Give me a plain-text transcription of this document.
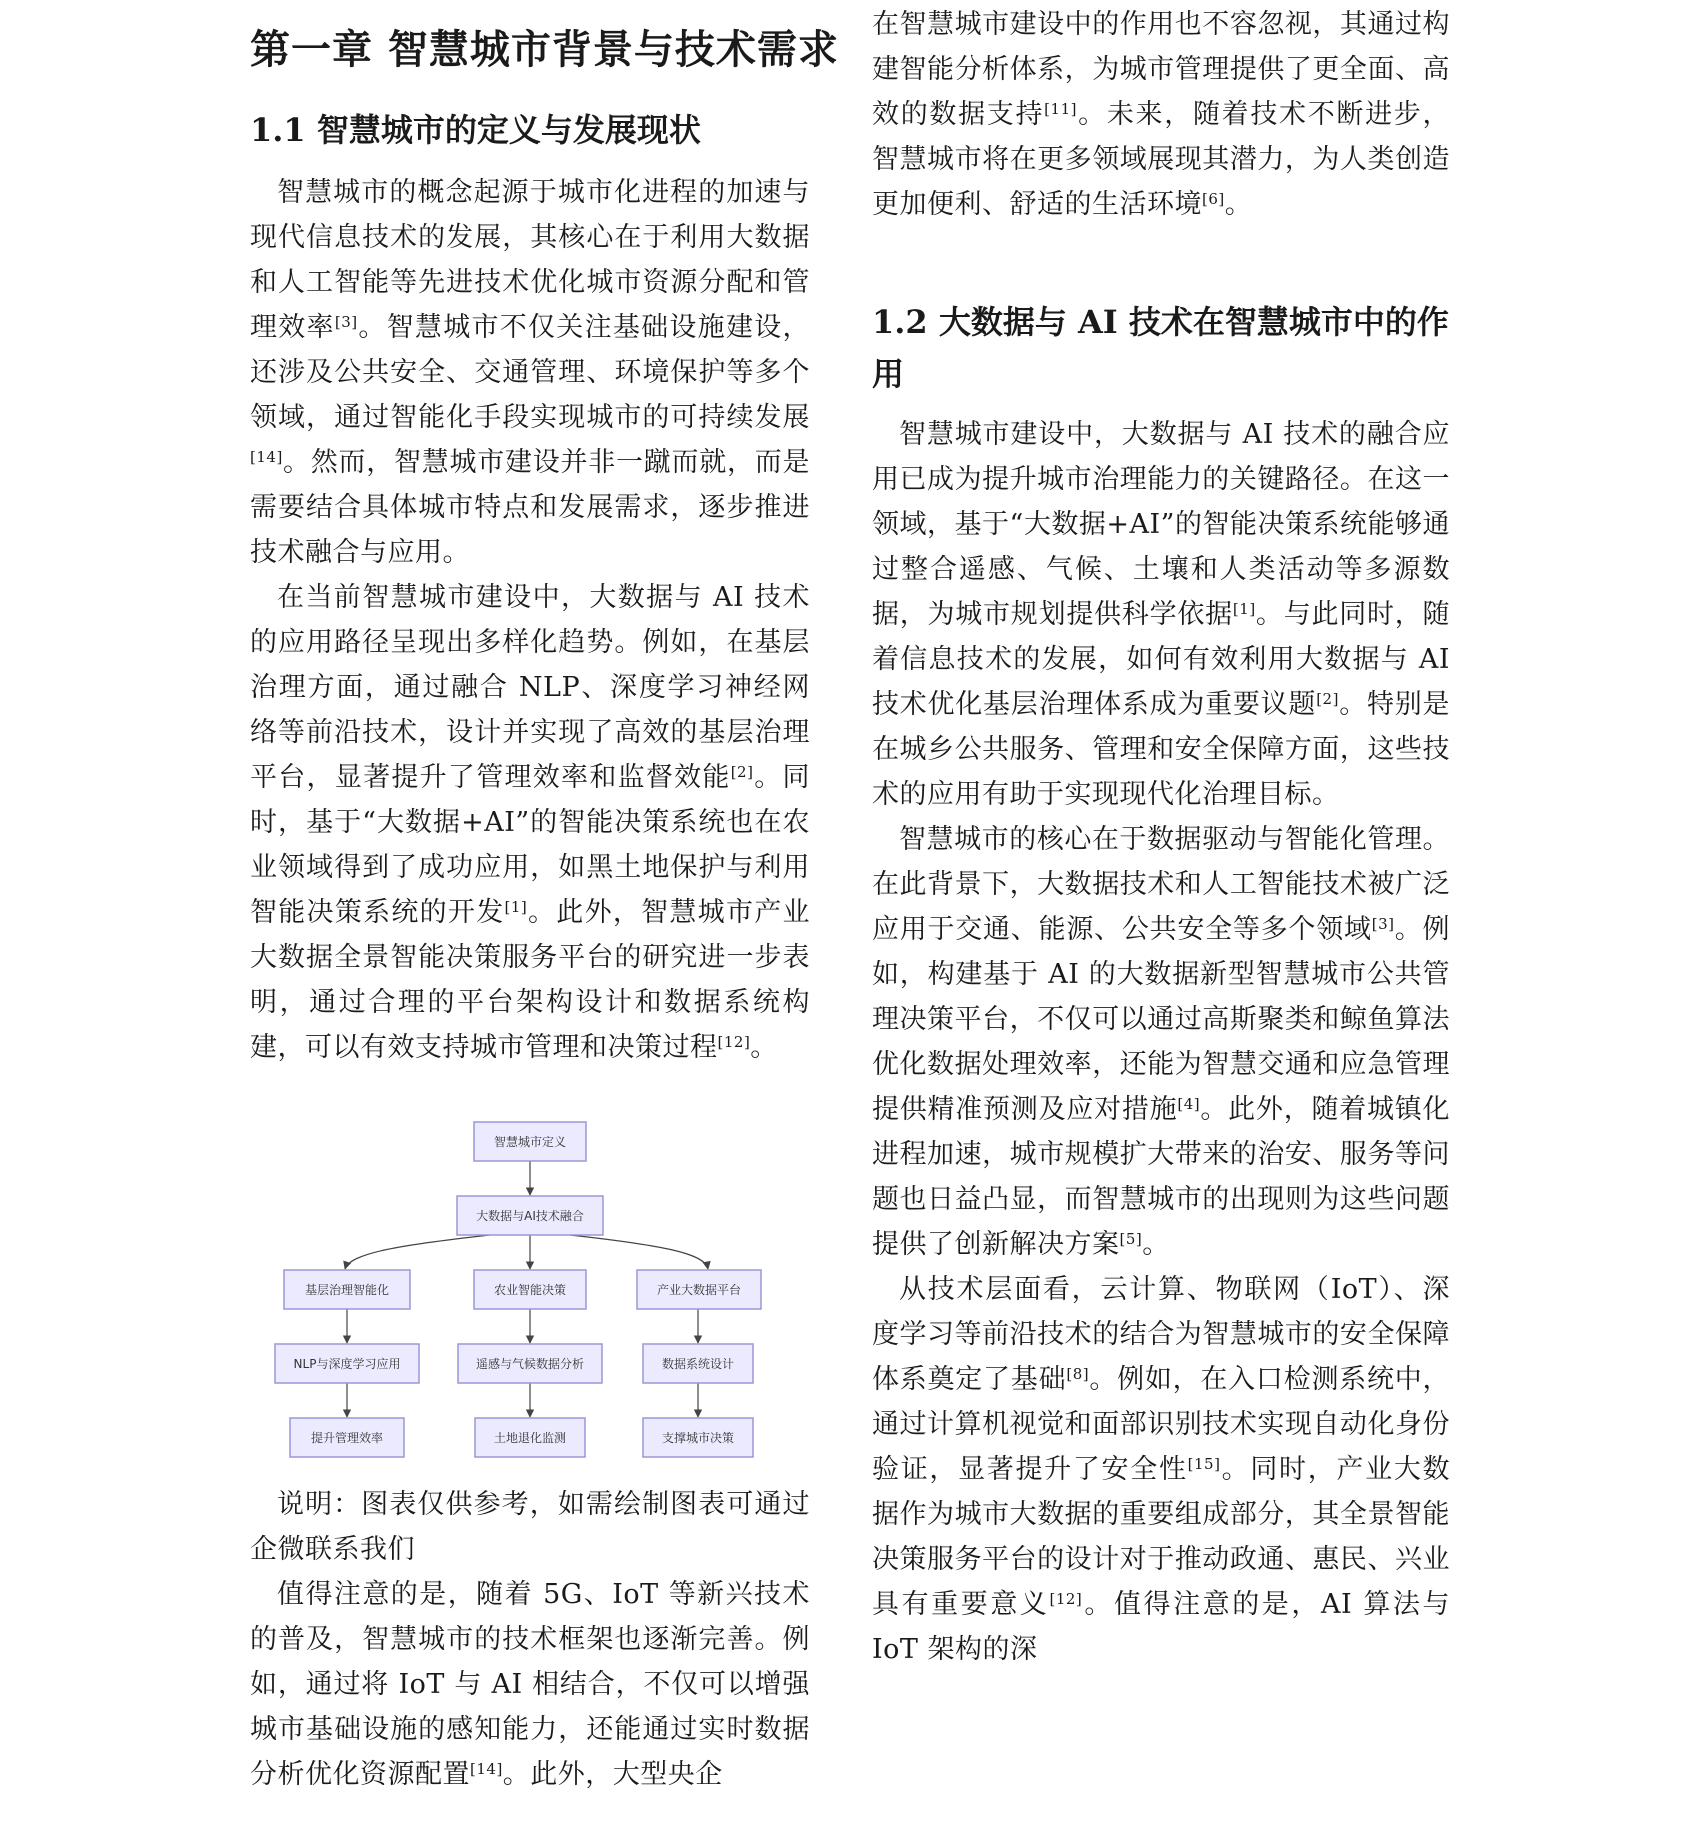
第一章 智慧城市背景与技术需求
1.1 智慧城市的定义与发展现状

智慧城市的概念起源于城市化进程的加速与现代信息技术的发展，其核心在于利用大数据和人工智能等先进技术优化城市资源分配和管理效率[3]。智慧城市不仅关注基础设施建设，还涉及公共安全、交通管理、环境保护等多个领域，通过智能化手段实现城市的可持续发展[14]。然而，智慧城市建设并非一蹴而就，而是需要结合具体城市特点和发展需求，逐步推进技术融合与应用。

在当前智慧城市建设中，大数据与 AI 技术的应用路径呈现出多样化趋势。例如，在基层治理方面，通过融合 NLP、深度学习神经网络等前沿技术，设计并实现了高效的基层治理平台，显著提升了管理效率和监督效能[2]。同时，基于“大数据+AI”的智能决策系统也在农业领域得到了成功应用，如黑土地保护与利用智能决策系统的开发[1]。此外，智慧城市产业大数据全景智能决策服务平台的研究进一步表明，通过合理的平台架构设计和数据系统构建，可以有效支持城市管理和决策过程[12]。

智慧城市定义
大数据与AI技术融合
基层治理智能化	农业智能决策	产业大数据平台
NLP与深度学习应用	遥感与气候数据分析	数据系统设计
提升管理效率	土地退化监测	支撑城市决策

说明：图表仅供参考，如需绘制图表可通过企微联系我们

值得注意的是，随着 5G、IoT 等新兴技术的普及，智慧城市的技术框架也逐渐完善。例如，通过将 IoT 与 AI 相结合，不仅可以增强城市基础设施的感知能力，还能通过实时数据分析优化资源配置[14]。此外，大型央企

在智慧城市建设中的作用也不容忽视，其通过构建智能分析体系，为城市管理提供了更全面、高效的数据支持[11]。未来，随着技术不断进步，智慧城市将在更多领域展现其潜力，为人类创造更加便利、舒适的生活环境[6]。

1.2 大数据与 AI 技术在智慧城市中的作用

智慧城市建设中，大数据与 AI 技术的融合应用已成为提升城市治理能力的关键路径。在这一领域，基于“大数据+AI”的智能决策系统能够通过整合遥感、气候、土壤和人类活动等多源数据，为城市规划提供科学依据[1]。与此同时，随着信息技术的发展，如何有效利用大数据与 AI 技术优化基层治理体系成为重要议题[2]。特别是在城乡公共服务、管理和安全保障方面，这些技术的应用有助于实现现代化治理目标。

智慧城市的核心在于数据驱动与智能化管理。在此背景下，大数据技术和人工智能技术被广泛应用于交通、能源、公共安全等多个领域[3]。例如，构建基于 AI 的大数据新型智慧城市公共管理决策平台，不仅可以通过高斯聚类和鲸鱼算法优化数据处理效率，还能为智慧交通和应急管理提供精准预测及应对措施[4]。此外，随着城镇化进程加速，城市规模扩大带来的治安、服务等问题也日益凸显，而智慧城市的出现则为这些问题提供了创新解决方案[5]。

从技术层面看，云计算、物联网（IoT）、深度学习等前沿技术的结合为智慧城市的安全保障体系奠定了基础[8]。例如，在入口检测系统中，通过计算机视觉和面部识别技术实现自动化身份验证，显著提升了安全性[15]。同时，产业大数据作为城市大数据的重要组成部分，其全景智能决策服务平台的设计对于推动政通、惠民、兴业具有重要意义[12]。值得注意的是，AI 算法与 IoT 架构的深
